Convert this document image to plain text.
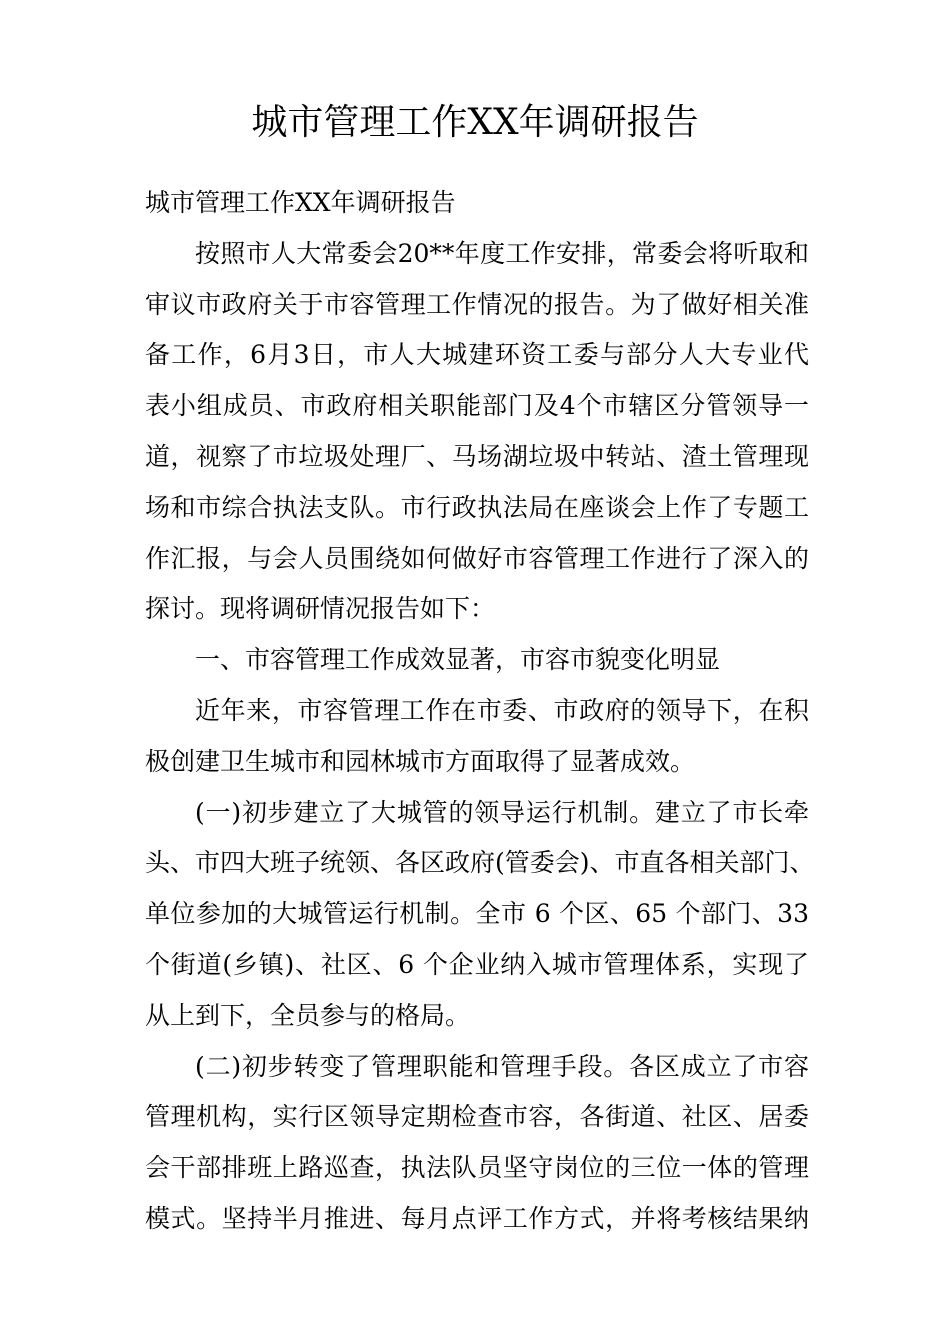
城市管理工作XX年调研报告
城市管理工作XX年调研报告
按照市人大常委会20**年度工作安排，常委会将听取和
审议市政府关于市容管理工作情况的报告。为了做好相关准
备工作，6月3日，市人大城建环资工委与部分人大专业代
表小组成员、市政府相关职能部门及4个市辖区分管领导一
道，视察了市垃圾处理厂、马场湖垃圾中转站、渣土管理现
场和市综合执法支队。市行政执法局在座谈会上作了专题工
作汇报，与会人员围绕如何做好市容管理工作进行了深入的
探讨。现将调研情况报告如下：
一、市容管理工作成效显著，市容市貌变化明显
近年来，市容管理工作在市委、市政府的领导下，在积
极创建卫生城市和园林城市方面取得了显著成效。
(一)初步建立了大城管的领导运行机制。建立了市长牵
头、市四大班子统领、各区政府(管委会)、市直各相关部门、
单位参加的大城管运行机制。全市 6 个区、65 个部门、33
个街道(乡镇)、社区、6 个企业纳入城市管理体系，实现了
从上到下，全员参与的格局。
(二)初步转变了管理职能和管理手段。各区成立了市容
管理机构，实行区领导定期检查市容，各街道、社区、居委
会干部排班上路巡查，执法队员坚守岗位的三位一体的管理
模式。坚持半月推进、每月点评工作方式，并将考核结果纳
